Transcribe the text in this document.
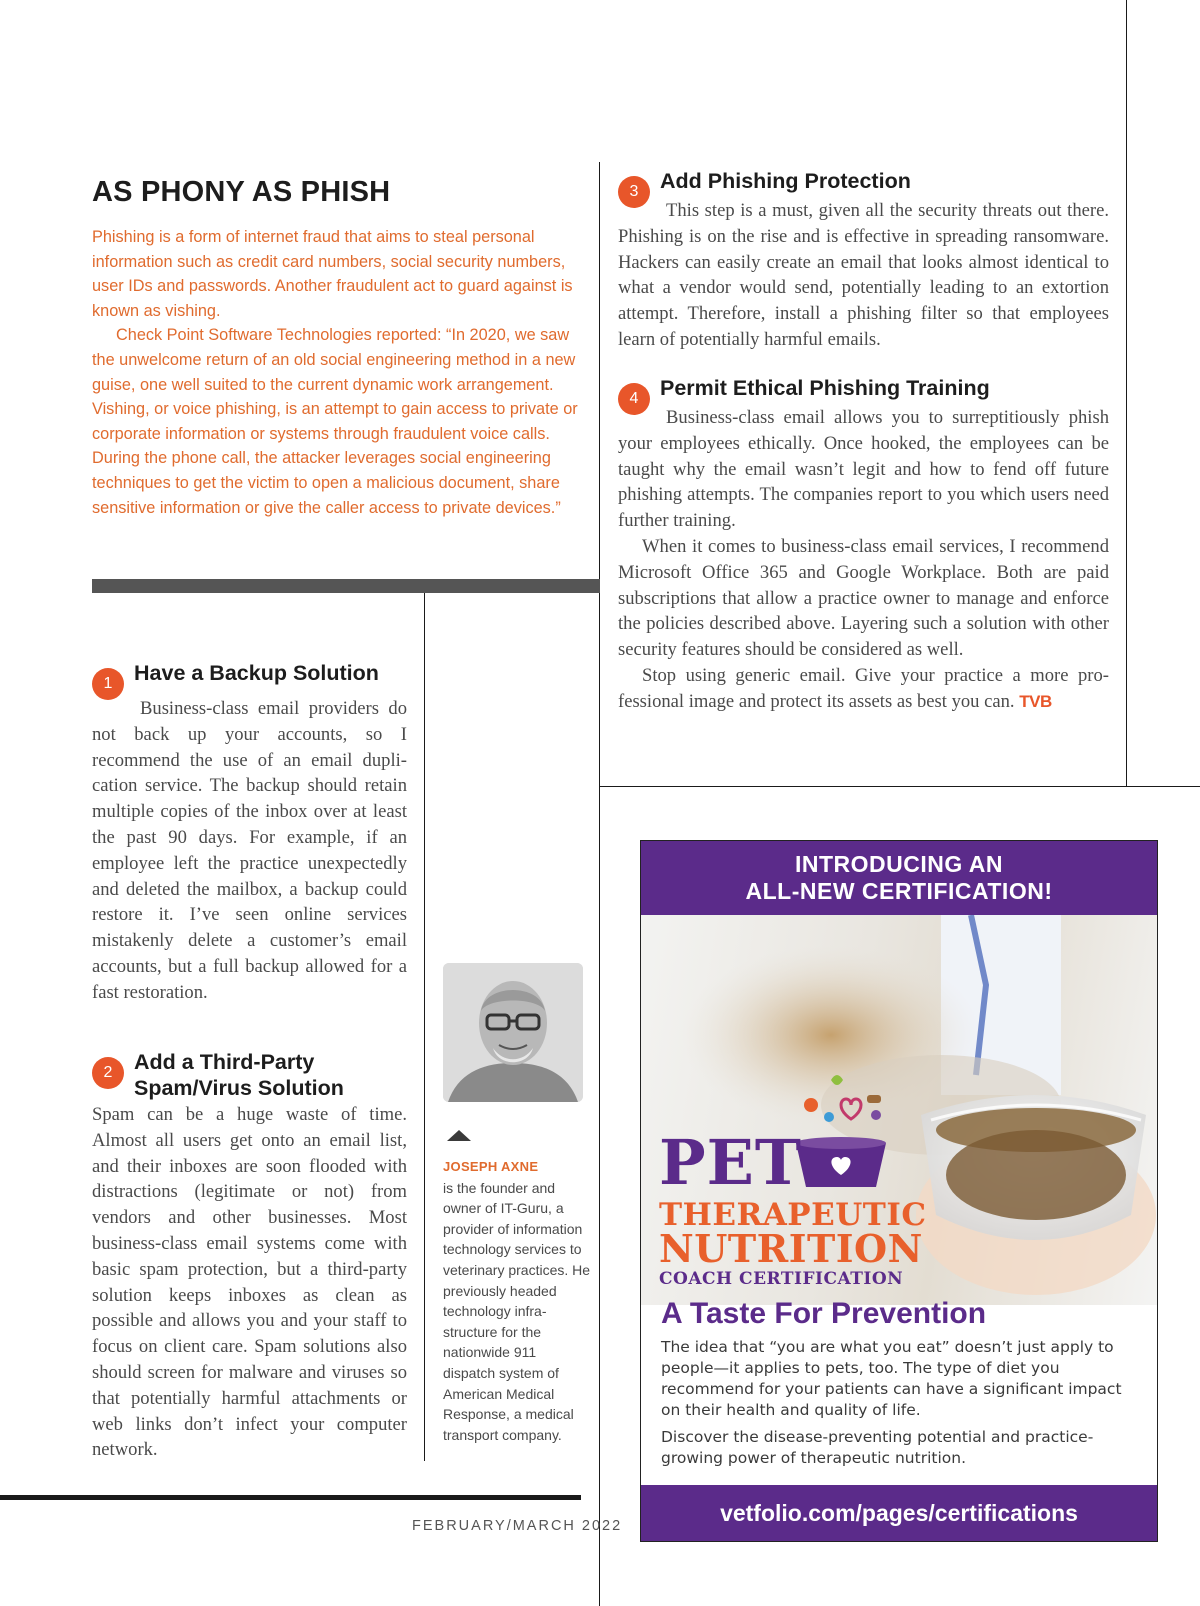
AS PHONY AS PHISH

Phishing is a form of internet fraud that aims to steal personal information such as credit card numbers, social security numbers, user IDs and passwords. Another fraudulent act to guard against is known as vishing.

Check Point Software Technologies reported: “In 2020, we saw the unwelcome return of an old social engineering method in a new guise, one well suited to the current dynamic work arrangement. Vishing, or voice phishing, is an attempt to gain access to private or corporate information or systems through fraudulent voice calls. During the phone call, the attacker leverages social engineering techniques to get the victim to open a malicious document, share sensitive information or give the caller access to private devices.”

1	Have a Backup Solution
Business-class email providers do not back up your accounts, so I recommend the use of an email duplication service. The backup should retain multiple copies of the inbox over at least the past 90 days. For example, if an employee left the practice unexpectedly and deleted the mailbox, a backup could restore it. I’ve seen online services mistakenly delete a customer’s email accounts, but a full backup allowed for a fast restoration.
2	Add a Third-Party Spam/Virus Solution
Spam can be a huge waste of time. Almost all users get onto an email list, and their inboxes are soon flooded with distractions (legitimate or not) from vendors and other businesses. Most business-class email systems come with basic spam protection, but a third-party solution keeps inboxes as clean as possible and allows you and your staff to focus on client care. Spam solutions also should screen for malware and viruses so that potentially harmful attachments or web links don’t infect your computer network.
3	Add Phishing Protection
This step is a must, given all the security threats out there. Phishing is on the rise and is effective in spreading ransomware. Hackers can easily create an email that looks almost identical to what a vendor would send, potentially leading to an extortion attempt. Therefore, install a phishing filter so that employees learn of potentially harmful emails.
4	Permit Ethical Phishing Training

Business-class email allows you to surreptitiously phish your employees ethically. Once hooked, the employees can be taught why the email wasn’t legit and how to fend off future phishing attempts. The companies report to you which users need further training.

When it comes to business-class email services, I recommend Microsoft Office 365 and Google Workplace. Both are paid subscriptions that allow a practice owner to manage and enforce the policies described above. Layering such a solution with other security features should be considered as well.

Stop using generic email. Give your practice a more professional image and protect its assets as best you can. TVB

JOSEPH AXNE
is the founder and owner of IT-Guru, a provider of information technology services to veterinary practices. He previously headed technology infrastructure for the nationwide 911 dispatch system of American Medical Response, a medical transport company.
FEBRUARY/MARCH 2022
INTRODUCING AN
ALL-NEW CERTIFICATION!
PET
THERAPEUTIC
NUTRITION
COACH CERTIFICATION
A Taste For Prevention
The idea that “you are what you eat” doesn’t just apply to people—it applies to pets, too. The type of diet you recommend for your patients can have a significant impact on their health and quality of life.
Discover the disease-preventing potential and practice-growing power of therapeutic nutrition.
vetfolio.com/pages/certifications
